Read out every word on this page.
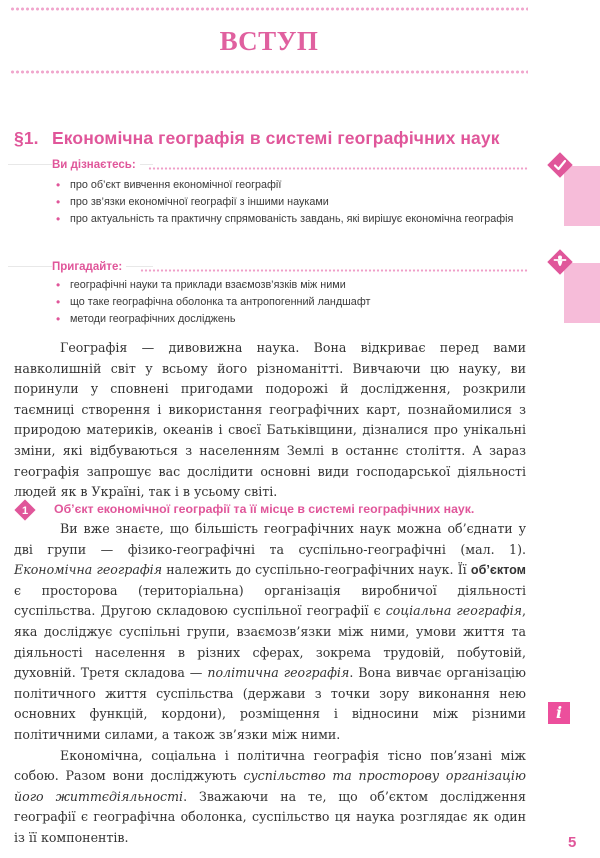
ВСТУП
§1. Економічна географія в системі географічних наук
Ви дізнаєтесь:
• про об’єкт вивчення економічної географії
• про зв’язки економічної географії з іншими науками
• про актуальність та практичну спрямованість завдань, які вирішує економічна географія
Пригадайте:
• географічні науки та приклади взаємозв’язків між ними
• що таке географічна оболонка та антропогенний ландшафт
• методи географічних досліджень

Географія — дивовижна наука. Вона відкриває перед вами навколишній світ у всьому його різноманітті. Вивчаючи цю науку, ви поринули у сповнені пригодами подорожі й дослідження, розкрили таємниці створення і використання географічних карт, познайомилися з природою материків, океанів і своєї Батьківщини, дізналися про унікальні зміни, які відбуваються з населенням Землі в останнє століття. А зараз географія запрошує вас дослідити основні види господарської діяльності людей як в Україні, так і в усьому світі.

1 Об’єкт економічної географії та її місце в системі географічних наук.

Ви вже знаєте, що більшість географічних наук можна об’єднати у дві групи — фізико-географічні та суспільно-географічні (мал. 1). Економічна географія належить до суспільно-географічних наук. Її об’єктом є просторова (територіальна) організація виробничої діяльності суспільства. Другою складовою суспільної географії є соціальна географія, яка досліджує суспільні групи, взаємозв’язки між ними, умови життя та діяльності населення в різних сферах, зокрема трудовій, побутовій, духовній. Третя складова — політична географія. Вона вивчає організацію політичного життя суспільства (держави з точки зору виконання нею основних функцій, кордони), розміщення і відносини між різними політичними силами, а також зв’язки між ними.

Економічна, соціальна і політична географія тісно пов’язані між собою. Разом вони досліджують суспільство та просторову організацію його життєдіяльності. Зважаючи на те, що об’єктом дослідження географії є географічна оболонка, суспільство ця наука розглядає як один із її компонентів.

i
5
